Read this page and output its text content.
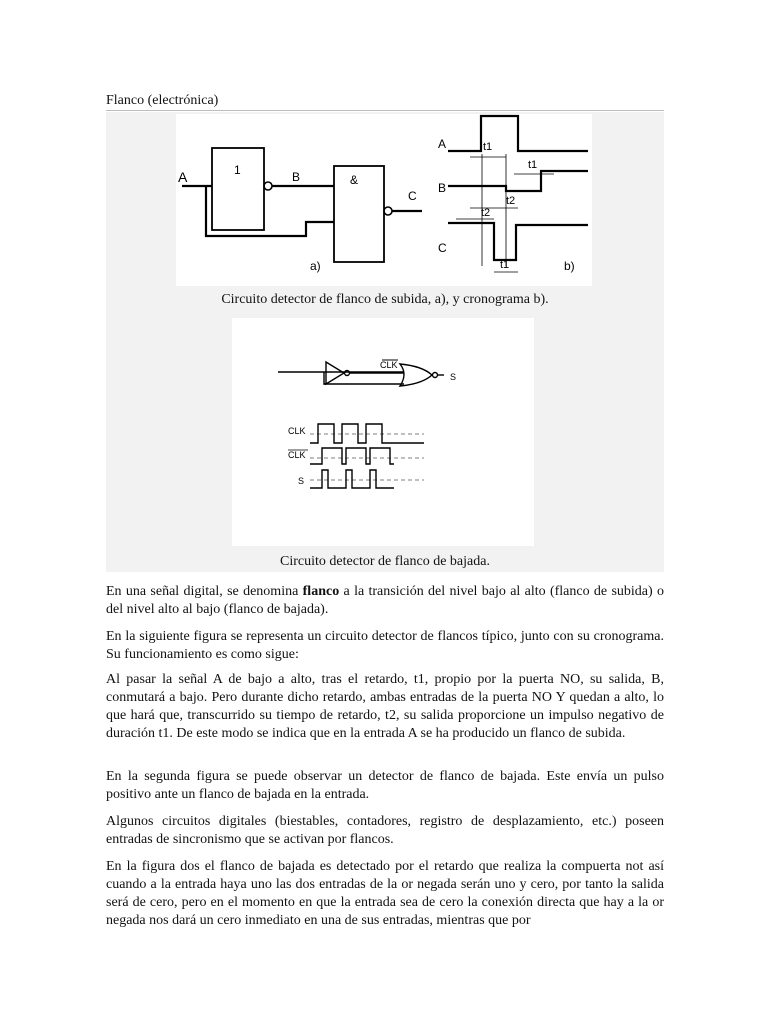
Flanco (electrónica)
A	1	B	&
C
a)
A
B
C
t1
t1
t2
t2
t1	b)
Circuito detector de flanco de subida, a), y cronograma b).
CLK
S
CLK
CLK
S
Circuito detector de flanco de bajada.

En una señal digital, se denomina flanco a la transición del nivel bajo al alto (flanco de subida) o del nivel alto al bajo (flanco de bajada).

En la siguiente figura se representa un circuito detector de flancos típico, junto con su cronograma. Su funcionamiento es como sigue:

Al pasar la señal A de bajo a alto, tras el retardo, t1, propio por la puerta NO, su salida, B, conmutará a bajo. Pero durante dicho retardo, ambas entradas de la puerta NO Y quedan a alto, lo que hará que, transcurrido su tiempo de retardo, t2, su salida proporcione un impulso negativo de duración t1. De este modo se indica que en la entrada A se ha producido un flanco de subida.

En la segunda figura se puede observar un detector de flanco de bajada. Este envía un pulso positivo ante un flanco de bajada en la entrada.

Algunos circuitos digitales (biestables, contadores, registro de desplazamiento, etc.) poseen entradas de sincronismo que se activan por flancos.

En la figura dos el flanco de bajada es detectado por el retardo que realiza la compuerta not así cuando a la entrada haya uno las dos entradas de la or negada serán uno y cero, por tanto la salida será de cero, pero en el momento en que la entrada sea de cero la conexión directa que hay a la or negada nos dará un cero inmediato en una de sus entradas, mientras que por
